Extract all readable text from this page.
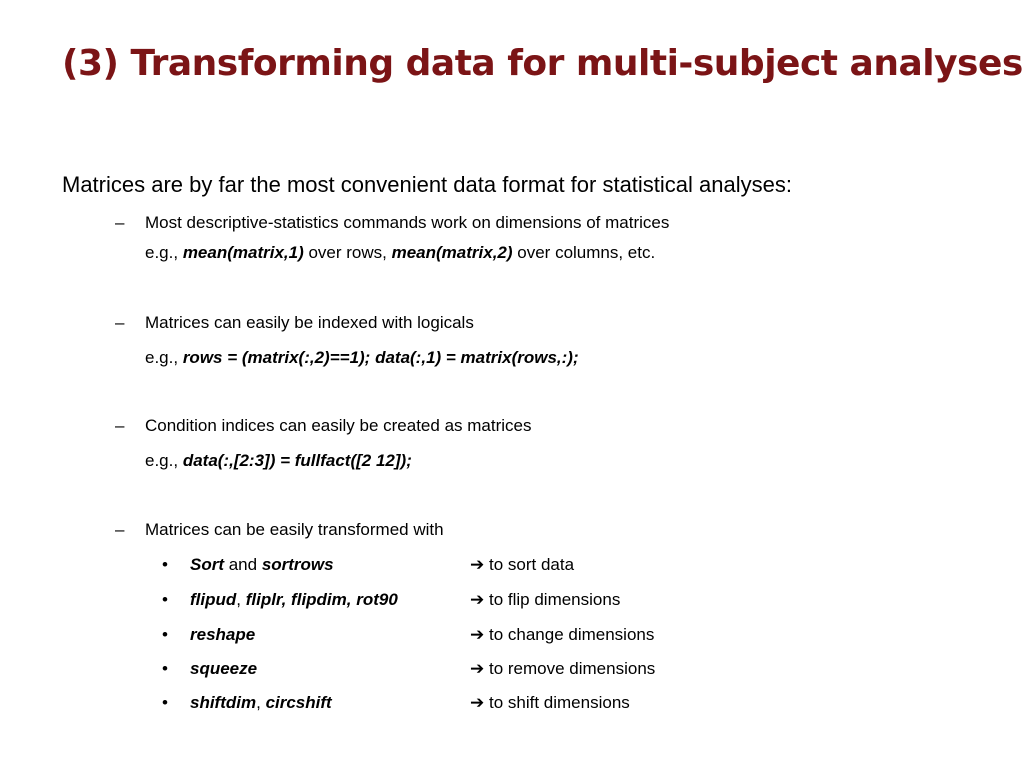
(3) Transforming data for multi-subject analyses
Matrices are by far the most convenient data format for statistical analyses:
– Most descriptive-statistics commands work on dimensions of matrices
e.g., mean(matrix,1) over rows, mean(matrix,2) over columns, etc.
– Matrices can easily be indexed with logicals
e.g., rows = (matrix(:,2)==1); data(:,1) = matrix(rows,:);
– Condition indices can easily be created as matrices
e.g., data(:,[2:3]) = fullfact([2 12]);
– Matrices can be easily transformed with
• Sort and sortrows	➔ to sort data
• flipud, fliplr, flipdim, rot90	➔ to flip dimensions
• reshape	➔ to change dimensions
• squeeze	➔ to remove dimensions
• shiftdim, circshift	➔ to shift dimensions
